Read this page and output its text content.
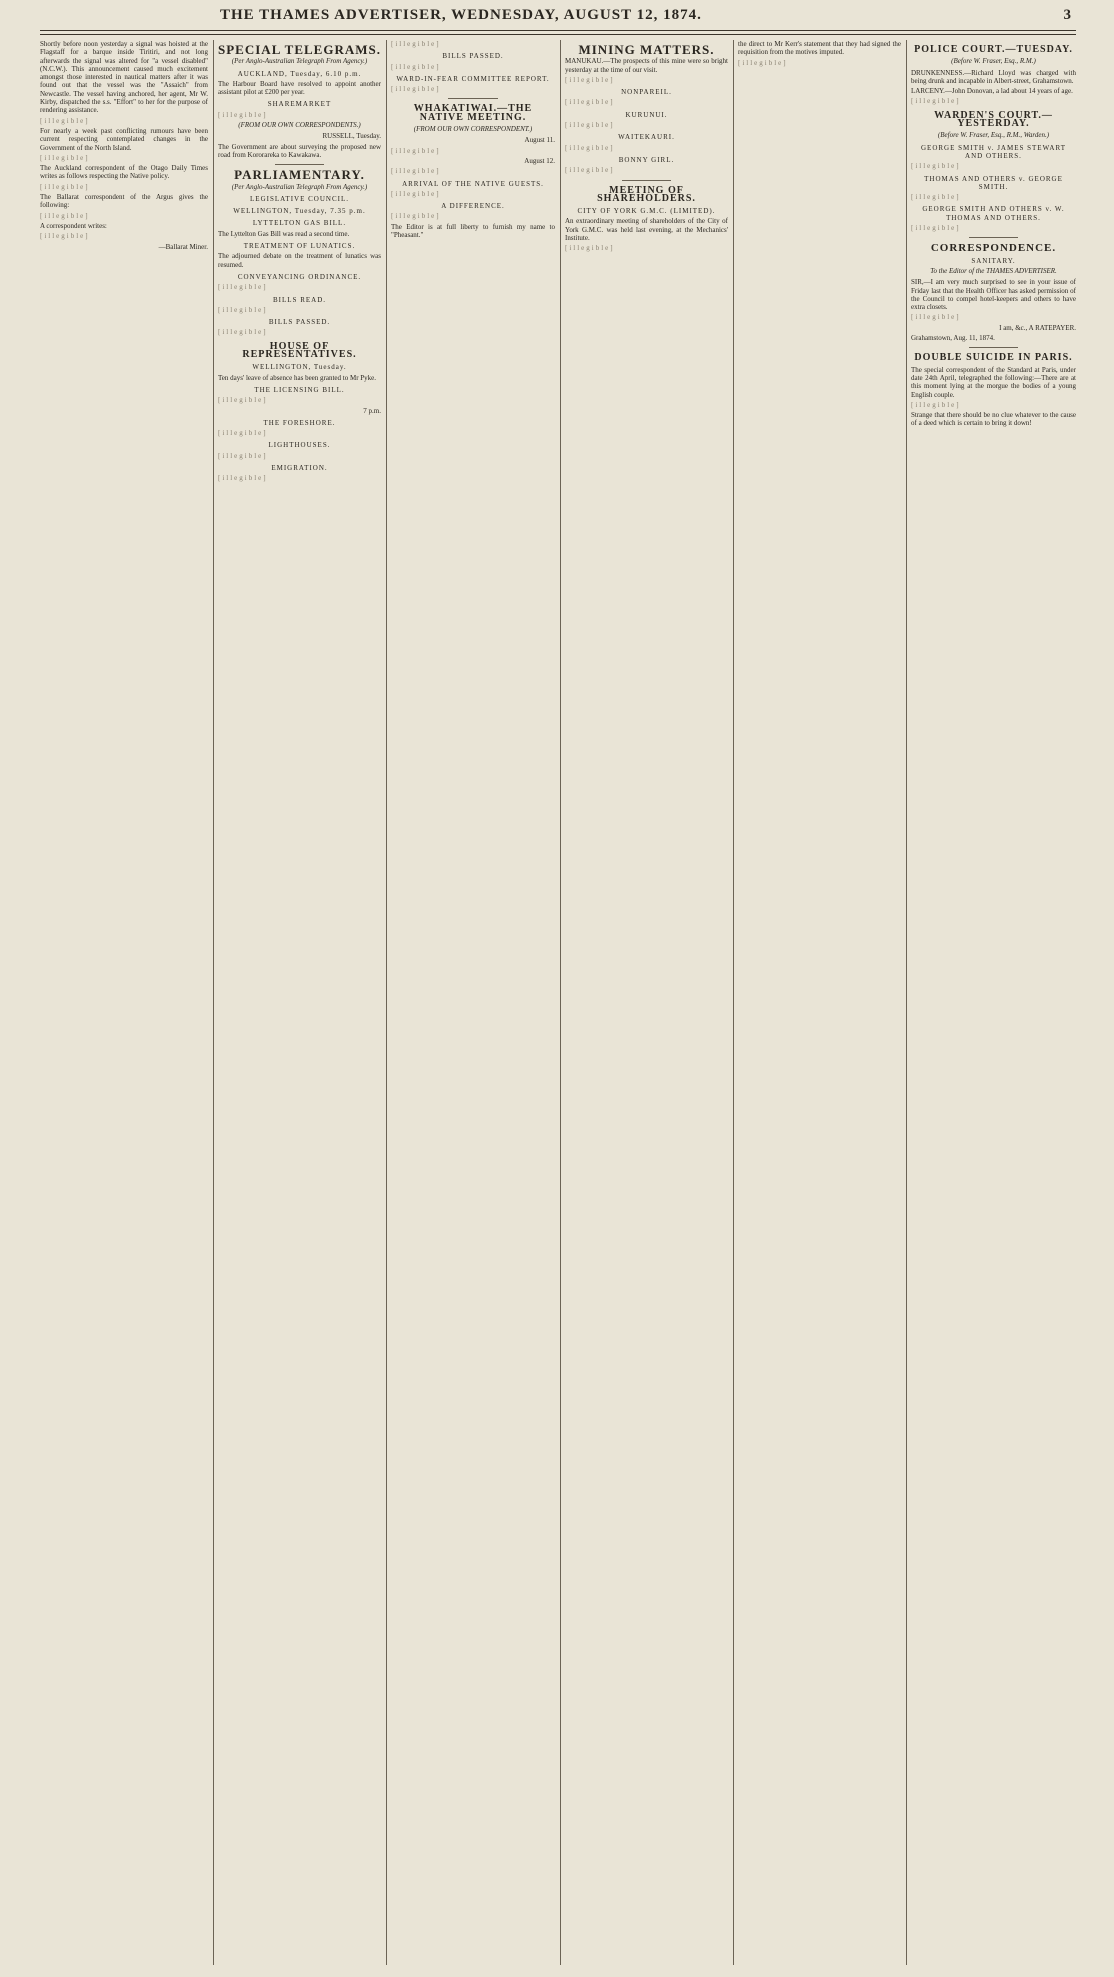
THE THAMES ADVERTISER, WEDNESDAY, AUGUST 12, 1874.	3

Shortly before noon yesterday a signal was hoisted at the Flagstaff for a barque inside Tiritiri, and not long afterwards the signal was altered for "a vessel disabled" (N.C.W.). This announcement caused much excitement amongst those interested in nautical matters after it was found out that the vessel was the "Assaich" from Newcastle. The vessel having anchored, her agent, Mr W. Kirby, dispatched the s.s. "Effort" to her for the purpose of rendering assistance.

[illegible]

For nearly a week past conflicting rumours have been current respecting contemplated changes in the Government of the North Island.

[illegible]

The Auckland correspondent of the Otago Daily Times writes as follows respecting the Native policy.

[illegible]

The Ballarat correspondent of the Argus gives the following:

[illegible]

A correspondent writes:

[illegible]

—Ballarat Miner.

SPECIAL TELEGRAMS.
(Per Anglo-Australian Telegraph From Agency.)
AUCKLAND, Tuesday, 6.10 p.m.

The Harbour Board have resolved to appoint another assistant pilot at £200 per year.

SHAREMARKET

[illegible]

(FROM OUR OWN CORRESPONDENTS.)
RUSSELL, Tuesday.

The Government are about surveying the proposed new road from Kororareka to Kawakawa.

PARLIAMENTARY.
(Per Anglo-Australian Telegraph From Agency.)
LEGISLATIVE COUNCIL.
WELLINGTON, Tuesday, 7.35 p.m.
LYTTELTON GAS BILL.

The Lyttelton Gas Bill was read a second time.

TREATMENT OF LUNATICS.

The adjourned debate on the treatment of lunatics was resumed.

CONVEYANCING ORDINANCE.

[illegible]

BILLS READ.

[illegible]

BILLS PASSED.

[illegible]

HOUSE OF REPRESENTATIVES.
WELLINGTON, Tuesday.

Ten days' leave of absence has been granted to Mr Pyke.

THE LICENSING BILL.

[illegible]

7 p.m.
THE FORESHORE.

[illegible]

LIGHTHOUSES.

[illegible]

EMIGRATION.

[illegible]

[illegible]

BILLS PASSED.

[illegible]

WARD-IN-FEAR COMMITTEE REPORT.

[illegible]

WHAKATIWAI.—THE NATIVE MEETING.
(FROM OUR OWN CORRESPONDENT.)
August 11.

[illegible]

August 12.

[illegible]

ARRIVAL OF THE NATIVE GUESTS.

[illegible]

A DIFFERENCE.

[illegible]

The Editor is at full liberty to furnish my name to "Pheasant."

MINING MATTERS.

MANUKAU.—The prospects of this mine were so bright yesterday at the time of our visit.

[illegible]

NONPAREIL.

[illegible]

KURUNUI.

[illegible]

WAITEKAURI.

[illegible]

BONNY GIRL.

[illegible]

MEETING OF SHAREHOLDERS.
CITY OF YORK G.M.C. (LIMITED).

An extraordinary meeting of shareholders of the City of York G.M.C. was held last evening, at the Mechanics' Institute.

[illegible]

the direct to Mr Kerr's statement that they had signed the requisition from the motives imputed.

[illegible]

POLICE COURT.—TUESDAY.
(Before W. Fraser, Esq., R.M.)

DRUNKENNESS.—Richard Lloyd was charged with being drunk and incapable in Albert-street, Grahamstown.

LARCENY.—John Donovan, a lad about 14 years of age.

[illegible]

WARDEN'S COURT.—YESTERDAY.
(Before W. Fraser, Esq., R.M., Warden.)
GEORGE SMITH v. JAMES STEWART AND OTHERS.

[illegible]

THOMAS AND OTHERS v. GEORGE SMITH.

[illegible]

GEORGE SMITH AND OTHERS v. W. THOMAS AND OTHERS.

[illegible]

CORRESPONDENCE.
SANITARY.
To the Editor of the THAMES ADVERTISER.

SIR,—I am very much surprised to see in your issue of Friday last that the Health Officer has asked permission of the Council to compel hotel-keepers and others to have extra closets.

[illegible]

I am, &c., A RATEPAYER.

Grahamstown, Aug. 11, 1874.

DOUBLE SUICIDE IN PARIS.

The special correspondent of the Standard at Paris, under date 24th April, telegraphed the following:—There are at this moment lying at the morgue the bodies of a young English couple.

[illegible]

Strange that there should be no clue whatever to the cause of a deed which is certain to bring it down!
